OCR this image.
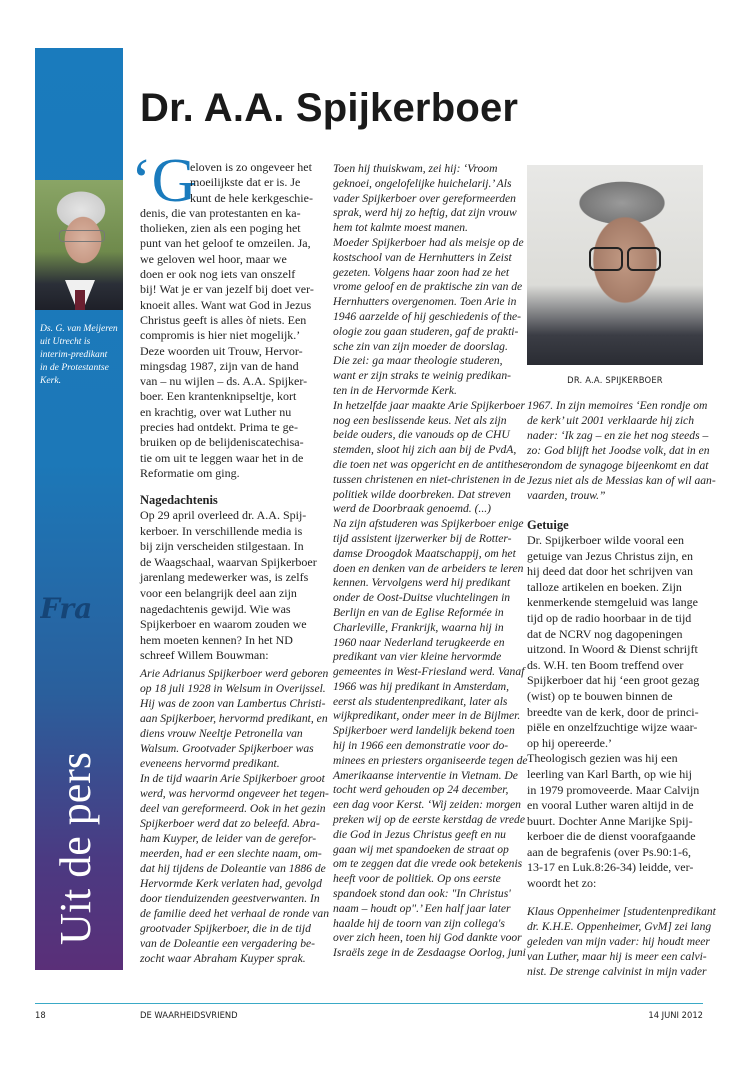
Fra
Ds. G. van Meijeren
uit Utrecht is
interim-predikant
in de Protestantse
Kerk.
Uit de pers
Dr. A.A. Spijkerboer
‘G
eloven is zo ongeveer het
moeilijkste dat er is. Je
kunt de hele kerkgeschie-
denis, die van protestanten en ka-
tholieken, zien als een poging het
punt van het geloof te omzeilen. Ja,
we geloven wel hoor, maar we
doen er ook nog iets van onszelf
bij! Wat je er van jezelf bij doet ver-
knoeit alles. Want wat God in Jezus
Christus geeft is alles òf niets. Een
compromis is hier niet mogelijk.’
Deze woorden uit Trouw, Hervor-
mingsdag 1987, zijn van de hand
van – nu wijlen – ds. A.A. Spijker-
boer. Een krantenknipseltje, kort
en krachtig, over wat Luther nu
precies had ontdekt. Prima te ge-
bruiken op de belijdeniscatechisa-
tie om uit te leggen waar het in de
Reformatie om ging.
Nagedachtenis
Op 29 april overleed dr. A.A. Spij-
kerboer. In verschillende media is
bij zijn verscheiden stilgestaan. In
de Waagschaal, waarvan Spijkerboer
jarenlang medewerker was, is zelfs
voor een belangrijk deel aan zijn
nagedachtenis gewijd. Wie was
Spijkerboer en waarom zouden we
hem moeten kennen? In het ND
schreef Willem Bouwman:
Arie Adrianus Spijkerboer werd geboren
op 18 juli 1928 in Welsum in Overijssel.
Hij was de zoon van Lambertus Christi-
aan Spijkerboer, hervormd predikant, en
diens vrouw Neeltje Petronella van
Walsum. Grootvader Spijkerboer was
eveneens hervormd predikant.
In de tijd waarin Arie Spijkerboer groot
werd, was hervormd ongeveer het tegen-
deel van gereformeerd. Ook in het gezin
Spijkerboer werd dat zo beleefd. Abra-
ham Kuyper, de leider van de gerefor-
meerden, had er een slechte naam, om-
dat hij tijdens de Doleantie van 1886 de
Hervormde Kerk verlaten had, gevolgd
door tienduizenden geestverwanten. In
de familie deed het verhaal de ronde van
grootvader Spijkerboer, die in de tijd
van de Doleantie een vergadering be-
zocht waar Abraham Kuyper sprak.
Toen hij thuiskwam, zei hij: ‘Vroom
geknoei, ongelofelijke huichelarij.’ Als
vader Spijkerboer over gereformeerden
sprak, werd hij zo heftig, dat zijn vrouw
hem tot kalmte moest manen.
Moeder Spijkerboer had als meisje op de
kostschool van de Hernhutters in Zeist
gezeten. Volgens haar zoon had ze het
vrome geloof en de praktische zin van de
Hernhutters overgenomen. Toen Arie in
1946 aarzelde of hij geschiedenis of the-
ologie zou gaan studeren, gaf de prakti-
sche zin van zijn moeder de doorslag.
Die zei: ga maar theologie studeren,
want er zijn straks te weinig predikan-
ten in de Hervormde Kerk.
In hetzelfde jaar maakte Arie Spijkerboer
nog een beslissende keus. Net als zijn
beide ouders, die vanouds op de CHU
stemden, sloot hij zich aan bij de PvdA,
die toen net was opgericht en de antithese
tussen christenen en niet-christenen in de
politiek wilde doorbreken. Dat streven
werd de Doorbraak genoemd. (...)
Na zijn afstuderen was Spijkerboer enige
tijd assistent ijzerwerker bij de Rotter-
damse Droogdok Maatschappij, om het
doen en denken van de arbeiders te leren
kennen. Vervolgens werd hij predikant
onder de Oost-Duitse vluchtelingen in
Berlijn en van de Eglise Reformée in
Charleville, Frankrijk, waarna hij in
1960 naar Nederland terugkeerde en
predikant van vier kleine hervormde
gemeentes in West-Friesland werd. Vanaf
1966 was hij predikant in Amsterdam,
eerst als studentenpredikant, later als
wijkpredikant, onder meer in de Bijlmer.
Spijkerboer werd landelijk bekend toen
hij in 1966 een demonstratie voor do-
minees en priesters organiseerde tegen de
Amerikaanse interventie in Vietnam. De
tocht werd gehouden op 24 december,
een dag voor Kerst. ‘Wij zeiden: morgen
preken wij op de eerste kerstdag de vrede
die God in Jezus Christus geeft en nu
gaan wij met spandoeken de straat op
om te zeggen dat die vrede ook betekenis
heeft voor de politiek. Op ons eerste
spandoek stond dan ook: "In Christus'
naam – houdt op".’ Een half jaar later
haalde hij de toorn van zijn collega's
over zich heen, toen hij God dankte voor
Israëls zege in de Zesdaagse Oorlog, juni
DR. A.A. SPIJKERBOER
1967. In zijn memoires ‘Een rondje om
de kerk’ uit 2001 verklaarde hij zich
nader: ‘Ik zag – en zie het nog steeds –
zo: God blijft het Joodse volk, dat in en
rondom de synagoge bijeenkomt en dat
Jezus niet als de Messias kan of wil aan-
vaarden, trouw.”
Getuige
Dr. Spijkerboer wilde vooral een
getuige van Jezus Christus zijn, en
hij deed dat door het schrijven van
talloze artikelen en boeken. Zijn
kenmerkende stemgeluid was lange
tijd op de radio hoorbaar in de tijd
dat de NCRV nog dagopeningen
uitzond. In Woord & Dienst schrijft
ds. W.H. ten Boom treffend over
Spijkerboer dat hij ‘een groot gezag
(wist) op te bouwen binnen de
breedte van de kerk, door de princi-
piële en onzelfzuchtige wijze waar-
op hij opereerde.’
Theologisch gezien was hij een
leerling van Karl Barth, op wie hij
in 1979 promoveerde. Maar Calvijn
en vooral Luther waren altijd in de
buurt. Dochter Anne Marijke Spij-
kerboer die de dienst voorafgaande
aan de begrafenis (over Ps.90:1-6,
13-17 en Luk.8:26-34) leidde, ver-
woordt het zo:
Klaus Oppenheimer [studentenpredikant
dr. K.H.E. Oppenheimer, GvM] zei lang
geleden van mijn vader: hij houdt meer
van Luther, maar hij is meer een calvi-
nist. De strenge calvinist in mijn vader
18	DE WAARHEIDSVRIEND	14 JUNI 2012
